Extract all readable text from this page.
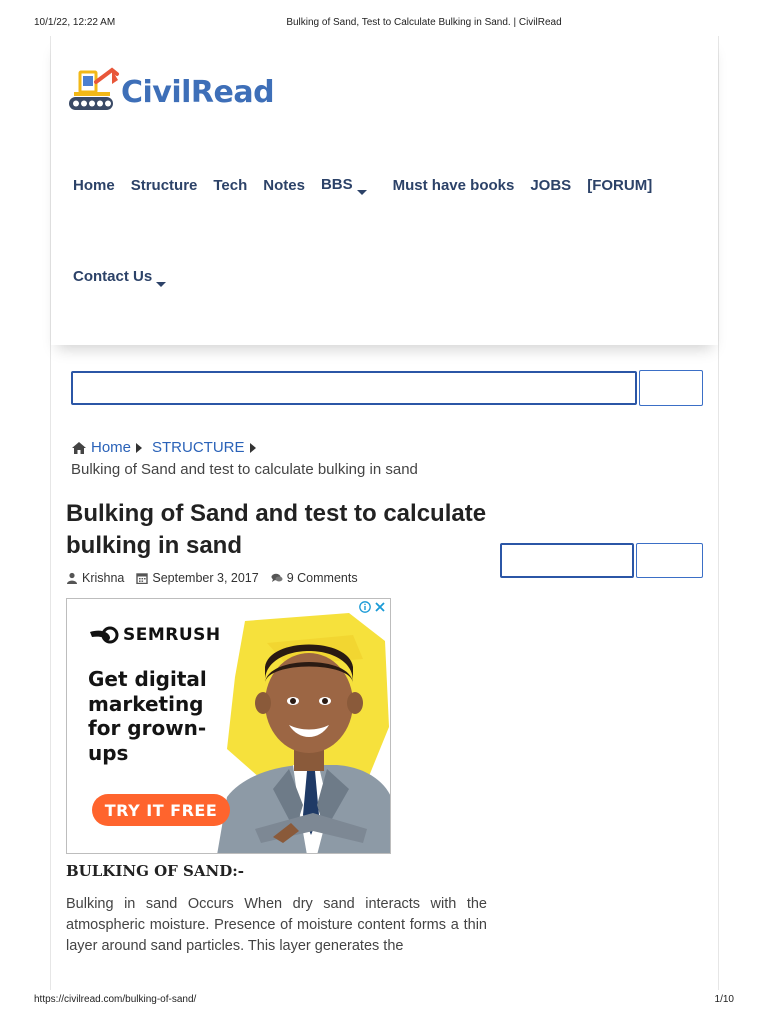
10/1/22, 12:22 AM	Bulking of Sand, Test to Calculate Bulking in Sand. | CivilRead
CivilRead
Home Structure Tech Notes BBS	Must have books JOBS [FORUM]
Contact Us
Home STRUCTURE
Bulking of Sand and test to calculate bulking in sand
Bulking of Sand and test to calculate bulking in sand
Krishna September 3, 2017 9 Comments
SEMRUSH
Get digital
marketing
for grown-
ups
TRY IT FREE
BULKING OF SAND:-

Bulking in sand Occurs When dry sand interacts with the atmospheric moisture. Presence of moisture content forms a thin layer around sand particles. This layer generates the

https://civilread.com/bulking-of-sand/	1/10
